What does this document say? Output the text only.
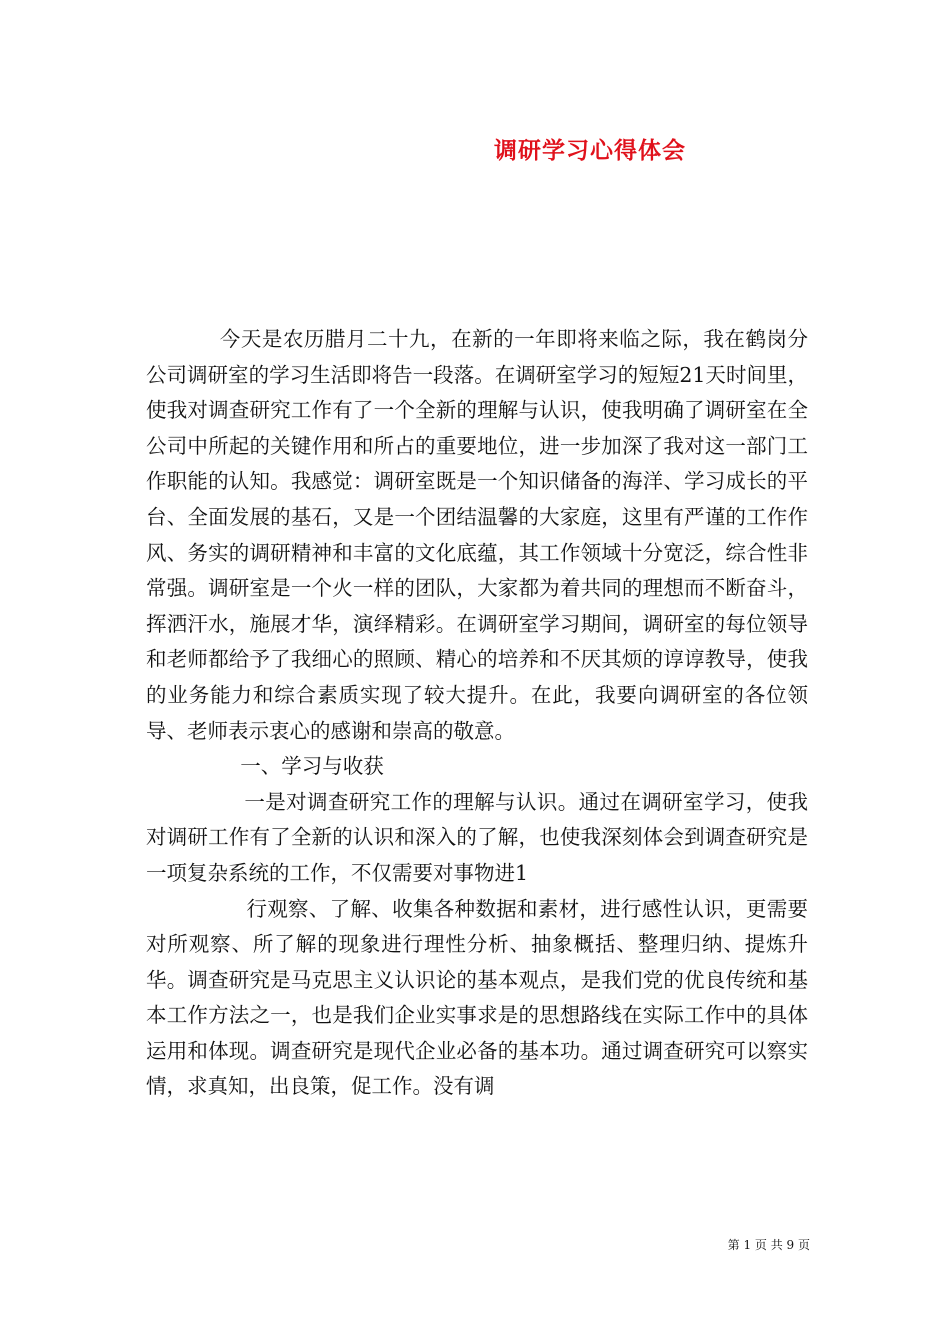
调研学习心得体会

今天是农历腊月二十九，在新的一年即将来临之际，我在鹤岗分公司调研室的学习生活即将告一段落。在调研室学习的短短21天时间里，使我对调查研究工作有了一个全新的理解与认识，使我明确了调研室在全公司中所起的关键作用和所占的重要地位，进一步加深了我对这一部门工作职能的认知。我感觉：调研室既是一个知识储备的海洋、学习成长的平台、全面发展的基石，又是一个团结温馨的大家庭，这里有严谨的工作作风、务实的调研精神和丰富的文化底蕴，其工作领域十分宽泛，综合性非常强。调研室是一个火一样的团队，大家都为着共同的理想而不断奋斗，挥洒汗水，施展才华，演绎精彩。在调研室学习期间，调研室的每位领导和老师都给予了我细心的照顾、精心的培养和不厌其烦的谆谆教导，使我的业务能力和综合素质实现了较大提升。在此，我要向调研室的各位领导、老师表示衷心的感谢和崇高的敬意。

一、学习与收获

一是对调查研究工作的理解与认识。通过在调研室学习，使我对调研工作有了全新的认识和深入的了解，也使我深刻体会到调查研究是一项复杂系统的工作，不仅需要对事物进1

行观察、了解、收集各种数据和素材，进行感性认识，更需要对所观察、所了解的现象进行理性分析、抽象概括、整理归纳、提炼升华。调查研究是马克思主义认识论的基本观点，是我们党的优良传统和基本工作方法之一，也是我们企业实事求是的思想路线在实际工作中的具体运用和体现。调查研究是现代企业必备的基本功。通过调查研究可以察实情，求真知，出良策，促工作。没有调

第 1 页 共 9 页
